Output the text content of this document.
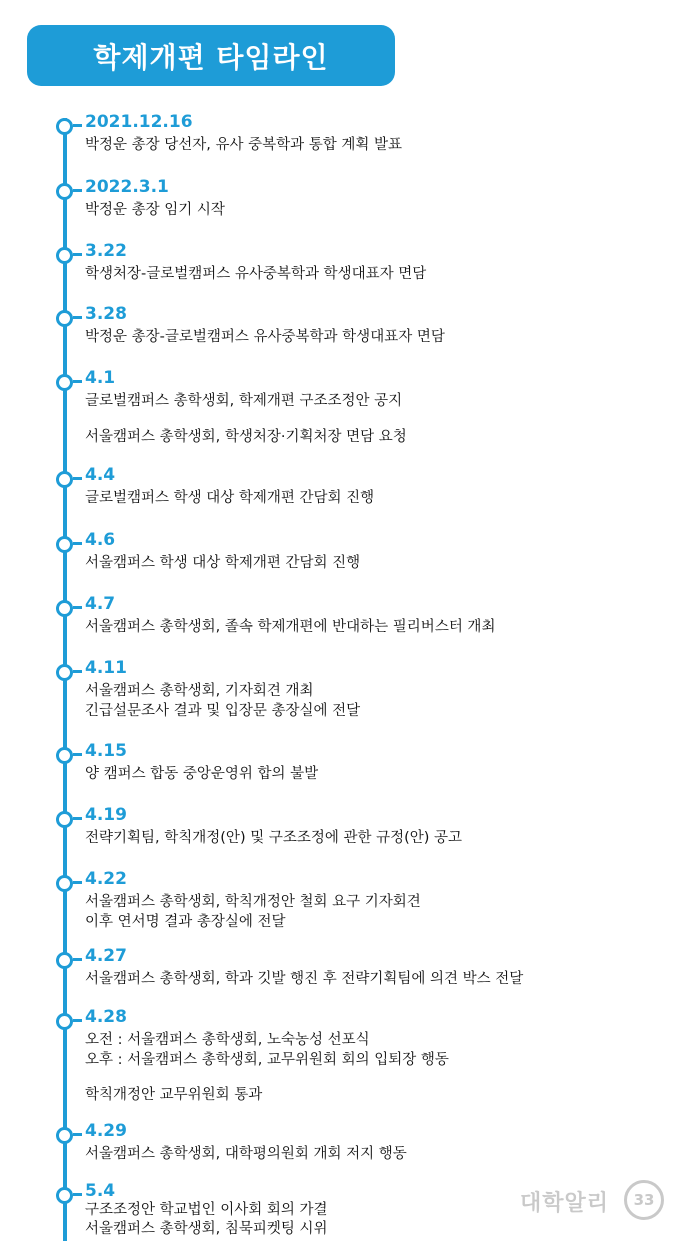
학제개편 타임라인
2021.12.16
박정운 총장 당선자, 유사 중복학과 통합 계획 발표
2022.3.1
박정운 총장 임기 시작
3.22
학생처장-글로벌캠퍼스 유사중복학과 학생대표자 면담
3.28
박정운 총장-글로벌캠퍼스 유사중복학과 학생대표자 면담
4.1
글로벌캠퍼스 총학생회, 학제개편 구조조정안 공지
서울캠퍼스 총학생회, 학생처장·기획처장 면담 요청
4.4
글로벌캠퍼스 학생 대상 학제개편 간담회 진행
4.6
서울캠퍼스 학생 대상 학제개편 간담회 진행
4.7
서울캠퍼스 총학생회, 졸속 학제개편에 반대하는 필리버스터 개최
4.11
서울캠퍼스 총학생회, 기자회견 개최
긴급설문조사 결과 및 입장문 총장실에 전달
4.15
양 캠퍼스 합동 중앙운영위 합의 불발
4.19
전략기획팀, 학칙개정(안) 및 구조조정에 관한 규정(안) 공고
4.22
서울캠퍼스 총학생회, 학칙개정안 철회 요구 기자회견
이후 연서명 결과 총장실에 전달
4.27
서울캠퍼스 총학생회, 학과 깃발 행진 후 전략기획팀에 의견 박스 전달
4.28
오전 : 서울캠퍼스 총학생회, 노숙농성 선포식
오후 : 서울캠퍼스 총학생회, 교무위원회 회의 입퇴장 행동
학칙개정안 교무위원회 통과
4.29
서울캠퍼스 총학생회, 대학평의원회 개회 저지 행동
5.4
구조조정안 학교법인 이사회 회의 가결
서울캠퍼스 총학생회, 침묵피켓팅 시위
대학알리	33
